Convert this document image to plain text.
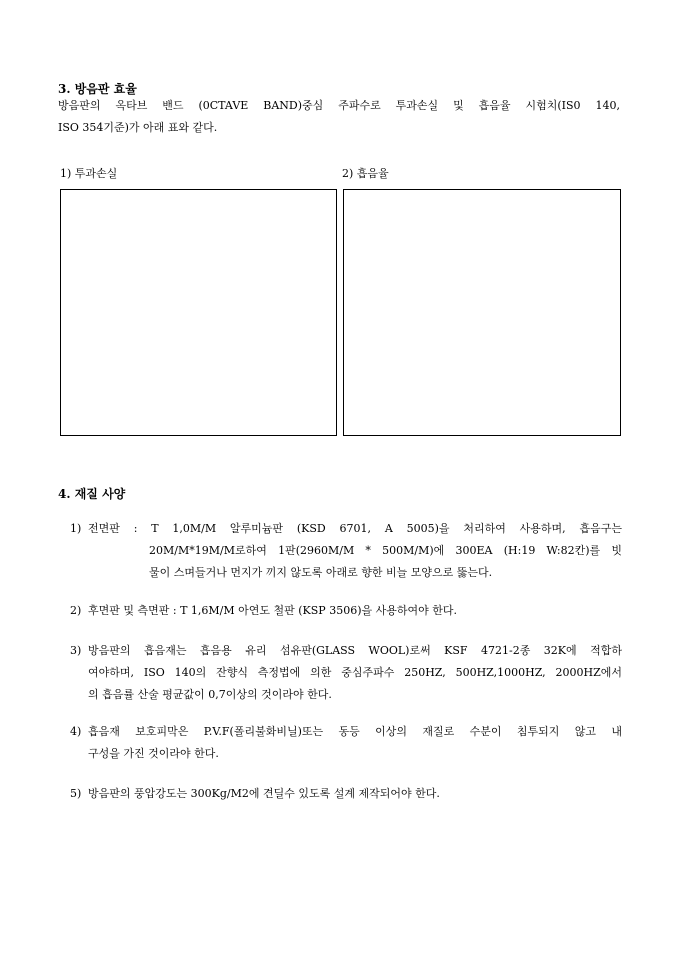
3. 방음판 효율
방음판의 옥타브 밴드 (0CTAVE BAND)중심 주파수로 투과손실 및 흡음율 시험치(IS0 140,
ISO 354기준)가 아래 표와 같다.
1) 투과손실	2) 흡음율
4. 재질 사양
1) 전면판 : T 1,0M/M 알루미늄판 (KSD 6701, A 5005)을 처리하여 사용하며, 흡음구는
20M/M*19M/M로하여 1판(2960M/M * 500M/M)에 300EA (H:19 W:82칸)를 빗
물이 스며들거나 먼지가 끼지 않도록 아래로 향한 비늘 모양으로 뚫는다.
2) 후면판 및 측면판 : T 1,6M/M 아연도 철판 (KSP 3506)을 사용하여야 한다.
3) 방음판의 흡음재는 흡음용 유리 섬유판(GLASS WOOL)로써 KSF 4721-2종 32K에 적합하
여야하며, ISO 140의 잔향식 측정법에 의한 중심주파수 250HZ, 500HZ,1000HZ, 2000HZ에서
의 흡음률 산술 평균값이 0,7이상의 것이라야 한다.
4) 흡음재 보호피막은 P.V.F(폴리불화비닐)또는 동등 이상의 재질로 수분이 침투되지 않고 내
구성을 가진 것이라야 한다.
5) 방음판의 풍압강도는 300Kg/M2에 견딜수 있도록 설계 제작되어야 한다.
